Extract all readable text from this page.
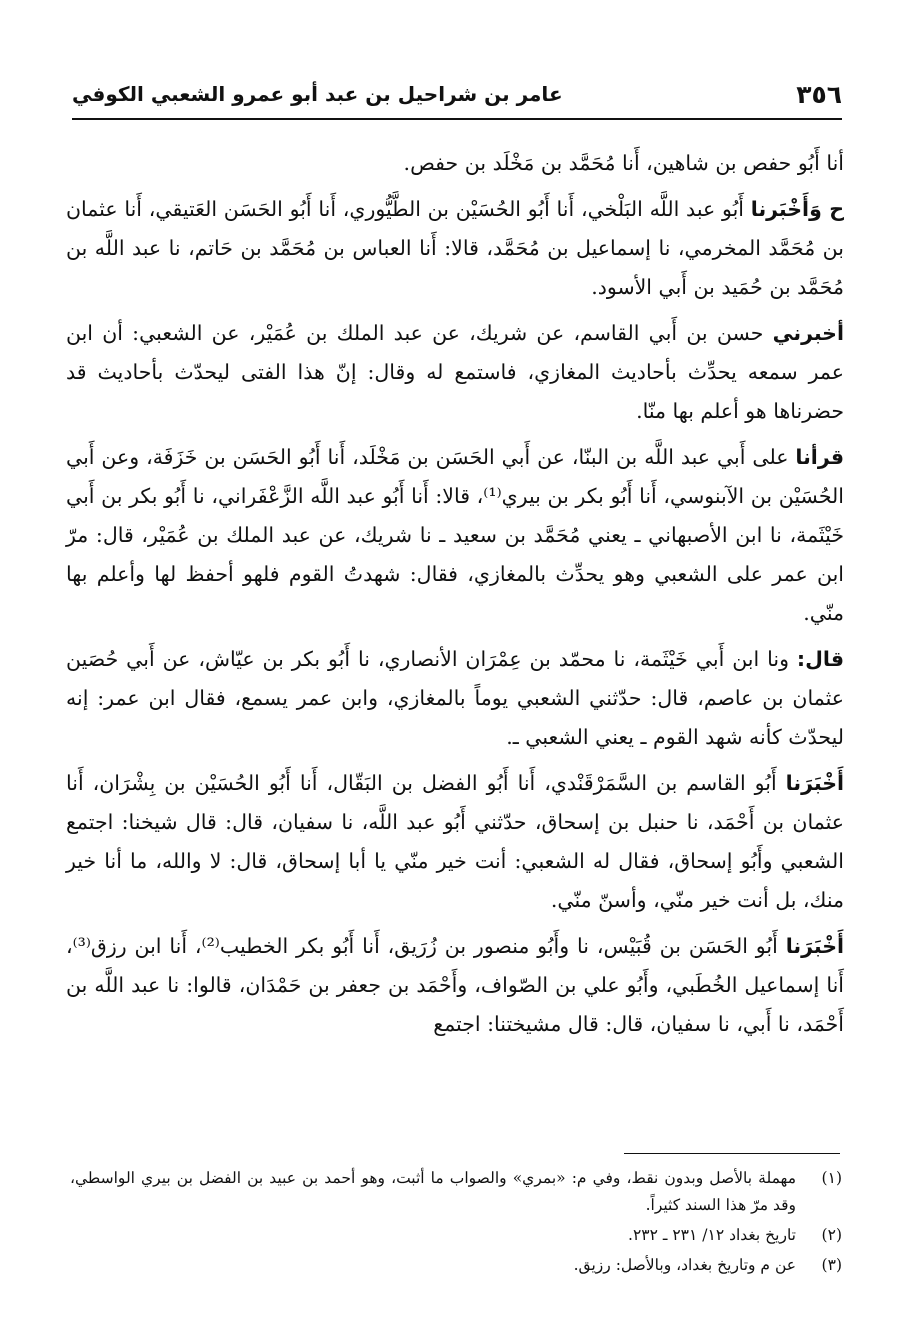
٣٥٦
عامر بن شراحيل بن عبد أبو عمرو الشعبي الكوفي

أنا أَبُو حفص بن شاهين، أَنا مُحَمَّد بن مَخْلَد بن حفص.

ح وَأَخْبَرنا أَبُو عبد اللَّه البَلْخي، أَنا أَبُو الحُسَيْن بن الطَّيُّوري، أَنا أَبُو الحَسَن العَتيقي، أَنا عثمان بن مُحَمَّد المخرمي، نا إسماعيل بن مُحَمَّد، قالا: أَنا العباس بن مُحَمَّد بن حَاتم، نا عبد اللَّه بن مُحَمَّد بن حُمَيد بن أَبي الأسود.

أخبرني حسن بن أَبي القاسم، عن شريك، عن عبد الملك بن عُمَيْر، عن الشعبي: أن ابن عمر سمعه يحدِّث بأحاديث المغازي، فاستمع له وقال: إنّ هذا الفتى ليحدّث بأحاديث قد حضرناها هو أعلم بها منّا.

قرأنا على أَبي عبد اللَّه بن البنّا، عن أَبي الحَسَن بن مَخْلَد، أَنا أَبُو الحَسَن بن خَزَفَة، وعن أَبي الحُسَيْن بن الآبنوسي، أَنا أَبُو بكر بن بيري⁽¹⁾، قالا: أَنا أَبُو عبد اللَّه الزَّعْفَراني، نا أَبُو بكر بن أَبي خَيْثَمة، نا ابن الأصبهاني ـ يعني مُحَمَّد بن سعيد ـ نا شريك، عن عبد الملك بن عُمَيْر، قال: مرّ ابن عمر على الشعبي وهو يحدِّث بالمغازي، فقال: شهدتُ القوم فلهو أحفظ لها وأعلم بها منّي.

قال: ونا ابن أَبي خَيْثَمة، نا محمّد بن عِمْرَان الأنصاري، نا أَبُو بكر بن عيّاش، عن أَبي حُصَين عثمان بن عاصم، قال: حدّثني الشعبي يوماً بالمغازي، وابن عمر يسمع، فقال ابن عمر: إنه ليحدّث كأنه شهد القوم ـ يعني الشعبي ـ.

أَخْبَرَنا أَبُو القاسم بن السَّمَرْقَنْدي، أَنا أَبُو الفضل بن البَقّال، أَنا أَبُو الحُسَيْن بن بِشْرَان، أَنا عثمان بن أَحْمَد، نا حنبل بن إسحاق، حدّثني أَبُو عبد اللَّه، نا سفيان، قال: قال شيخنا: اجتمع الشعبي وأَبُو إسحاق، فقال له الشعبي: أنت خير منّي يا أبا إسحاق، قال: لا والله، ما أنا خير منك، بل أنت خير منّي، وأسنّ منّي.

أَخْبَرَنا أَبُو الحَسَن بن قُبَيْس، نا وأَبُو منصور بن زُرَيق، أَنا أَبُو بكر الخطيب⁽²⁾، أَنا ابن رزق⁽³⁾، أَنا إسماعيل الخُطَبي، وأَبُو علي بن الصّواف، وأَحْمَد بن جعفر بن حَمْدَان، قالوا: نا عبد اللَّه بن أَحْمَد، نا أَبي، نا سفيان، قال: قال مشيختنا: اجتمع

(١)
مهملة بالأصل وبدون نقط، وفي م: «بمري» والصواب ما أثبت، وهو أحمد بن عبيد بن الفضل بن بيري الواسطي، وقد مرّ هذا السند كثيراً.
(٢)
تاريخ بغداد ١٢/ ٢٣١ ـ ٢٣٢.
(٣)
عن م وتاريخ بغداد، وبالأصل: رزيق.
